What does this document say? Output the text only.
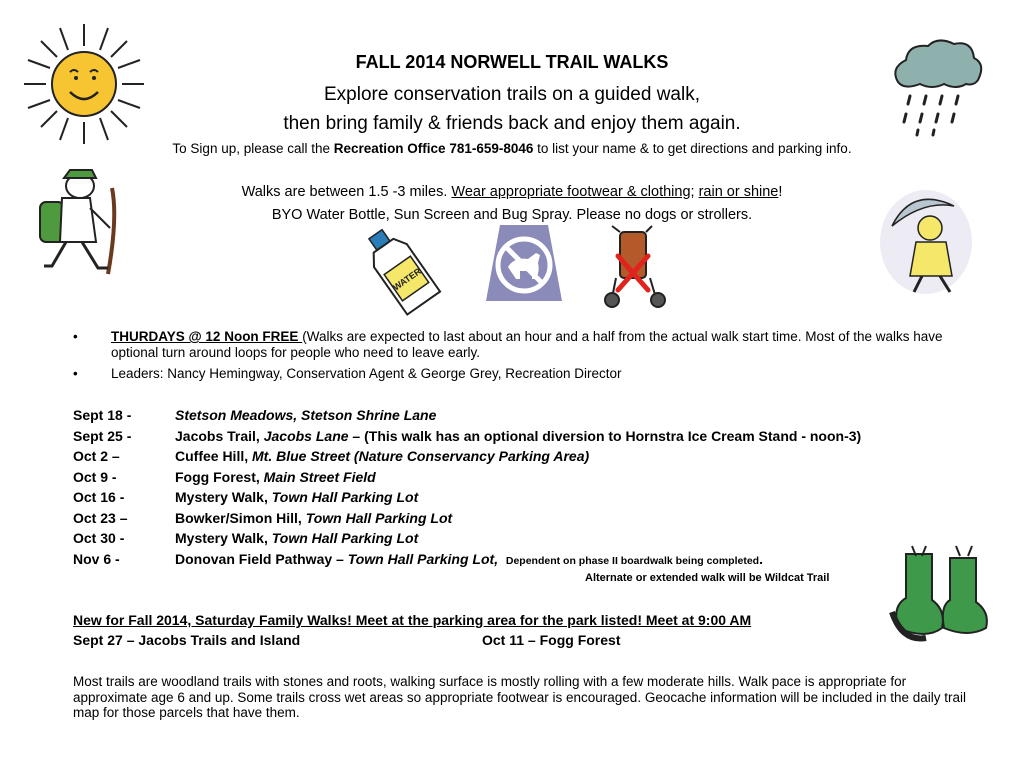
WATER
FALL 2014 NORWELL TRAIL WALKS
Explore conservation trails on a guided walk,
then bring family & friends back and enjoy them again.
To Sign up, please call the Recreation Office 781-659-8046 to list your name & to get directions and parking info.
Walks are between 1.5 -3 miles. Wear appropriate footwear & clothing; rain or shine!
BYO Water Bottle, Sun Screen and Bug Spray. Please no dogs or strollers.
• THURDAYS @ 12 Noon FREE (Walks are expected to last about an hour and a half from the actual walk start time. Most of the walks have optional turn around loops for people who need to leave early.
• Leaders: Nancy Hemingway, Conservation Agent & George Grey, Recreation Director
Sept 18 -	Stetson Meadows, Stetson Shrine Lane
Sept 25 -	Jacobs Trail, Jacobs Lane – (This walk has an optional diversion to Hornstra Ice Cream Stand - noon-3)
Oct 2 –	Cuffee Hill, Mt. Blue Street (Nature Conservancy Parking Area)
Oct 9 -	Fogg Forest, Main Street Field
Oct 16 -	Mystery Walk, Town Hall Parking Lot
Oct 23 –	Bowker/Simon Hill, Town Hall Parking Lot
Oct 30 -	Mystery Walk, Town Hall Parking Lot
Nov 6 -	Donovan Field Pathway – Town Hall Parking Lot, Dependent on phase II boardwalk being completed.
Alternate or extended walk will be Wildcat Trail
New for Fall 2014, Saturday Family Walks! Meet at the parking area for the park listed! Meet at 9:00 AM
Sept 27 – Jacobs Trails and Island	Oct 11 – Fogg Forest
Most trails are woodland trails with stones and roots, walking surface is mostly rolling with a few moderate hills. Walk pace is appropriate for approximate age 6 and up. Some trails cross wet areas so appropriate footwear is encouraged. Geocache information will be included in the daily trail map for those parcels that have them.
